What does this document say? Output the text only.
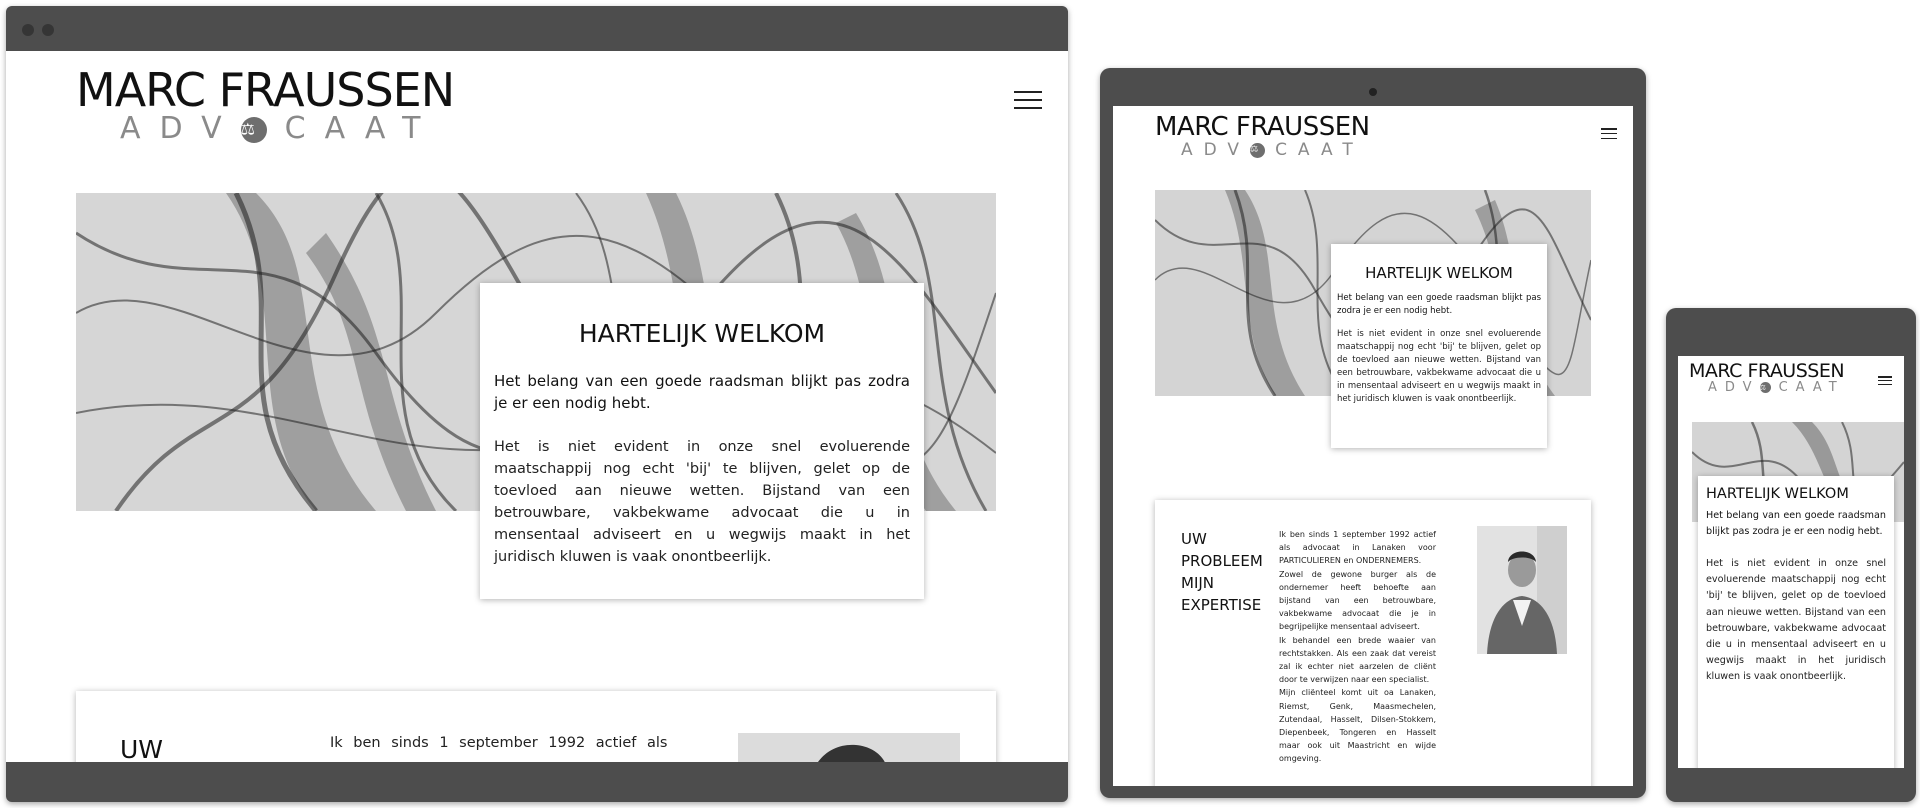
MARC FRAUSSEN
ADV ⚖ CAAT
HARTELIJK WELKOM

Het belang van een goede raadsman blijkt pas zodra je er een nodig hebt.

Het is niet evident in onze snel evoluerende maatschappij nog echt 'bij' te blijven, gelet op de toevloed aan nieuwe wetten. Bijstand van een betrouwbare, vakbekwame advocaat die u in mensentaal adviseert en u wegwijs maakt in het juridisch kluwen is vaak onontbeerlijk.

UW	Ik ben sinds 1 september 1992 actief als
MARC FRAUSSEN
ADV ⚖ CAAT
HARTELIJK WELKOM

Het belang van een goede raadsman blijkt pas zodra je er een nodig hebt.

Het is niet evident in onze snel evoluerende maatschappij nog echt 'bij' te blijven, gelet op de toevloed aan nieuwe wetten. Bijstand van een betrouwbare, vakbekwame advocaat die u in mensentaal adviseert en u wegwijs maakt in het juridisch kluwen is vaak onontbeerlijk.

UW
PROBLEEM
MIJN
EXPERTISE

Ik ben sinds 1 september 1992 actief als advocaat in Lanaken voor PARTICULIEREN en ONDERNEMERS.

Zowel de gewone burger als de ondernemer heeft behoefte aan bijstand van een betrouwbare, vakbekwame advocaat die je in begrijpelijke mensentaal adviseert.

Ik behandel een brede waaier van rechtstakken. Als een zaak dat vereist zal ik echter niet aarzelen de cliënt door te verwijzen naar een specialist.

Mijn cliënteel komt uit oa Lanaken, Riemst, Genk, Maasmechelen, Zutendaal, Hasselt, Dilsen-Stokkem, Diepenbeek, Tongeren en Hasselt maar ook uit Maastricht en wijde omgeving.

MARC FRAUSSEN
ADV ⚖ CAAT
HARTELIJK WELKOM

Het belang van een goede raadsman blijkt pas zodra je er een nodig hebt.

Het is niet evident in onze snel evoluerende maatschappij nog echt 'bij' te blijven, gelet op de toevloed aan nieuwe wetten. Bijstand van een betrouwbare, vakbekwame advocaat die u in mensentaal adviseert en u wegwijs maakt in het juridisch kluwen is vaak onontbeerlijk.
